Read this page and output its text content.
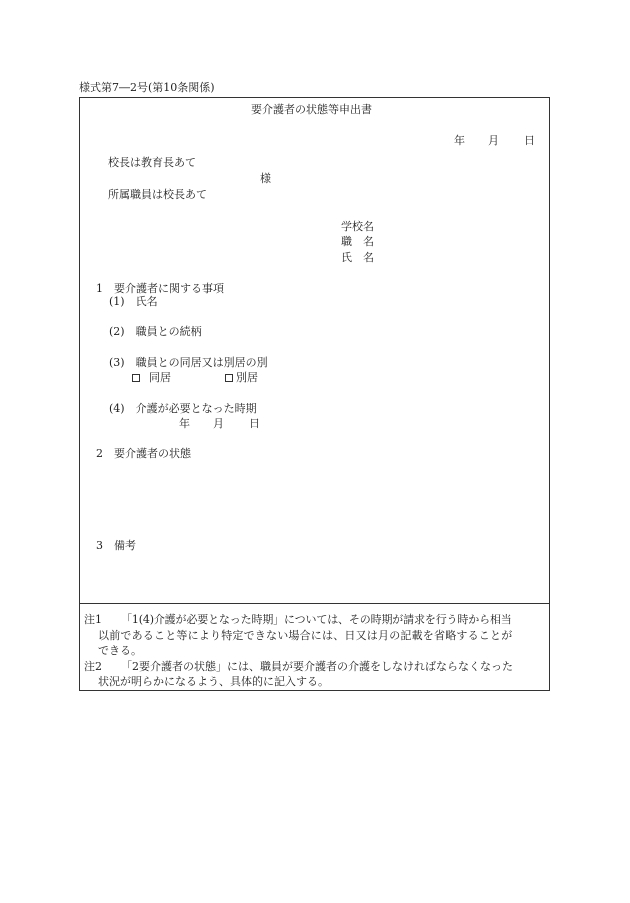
様式第7―2号(第10条関係)
要介護者の状態等申出書
年 月 日
校長は教育長あて
様
所属職員は校長あて
学校名
職　名
氏　名
1　要介護者に関する事項
(1)　氏名
(2)　職員との続柄
(3)　職員との同居又は別居の別
同居	別居
(4)　介護が必要となった時期
年 月 日
2　要介護者の状態
3　備考
注1 「1(4)介護が必要となった時期」については、その時期が請求を行う時から相当
以前であること等により特定できない場合には、日又は月の記載を省略することが
できる。
注2 「2要介護者の状態」には、職員が要介護者の介護をしなければならなくなった
状況が明らかになるよう、具体的に記入する。
